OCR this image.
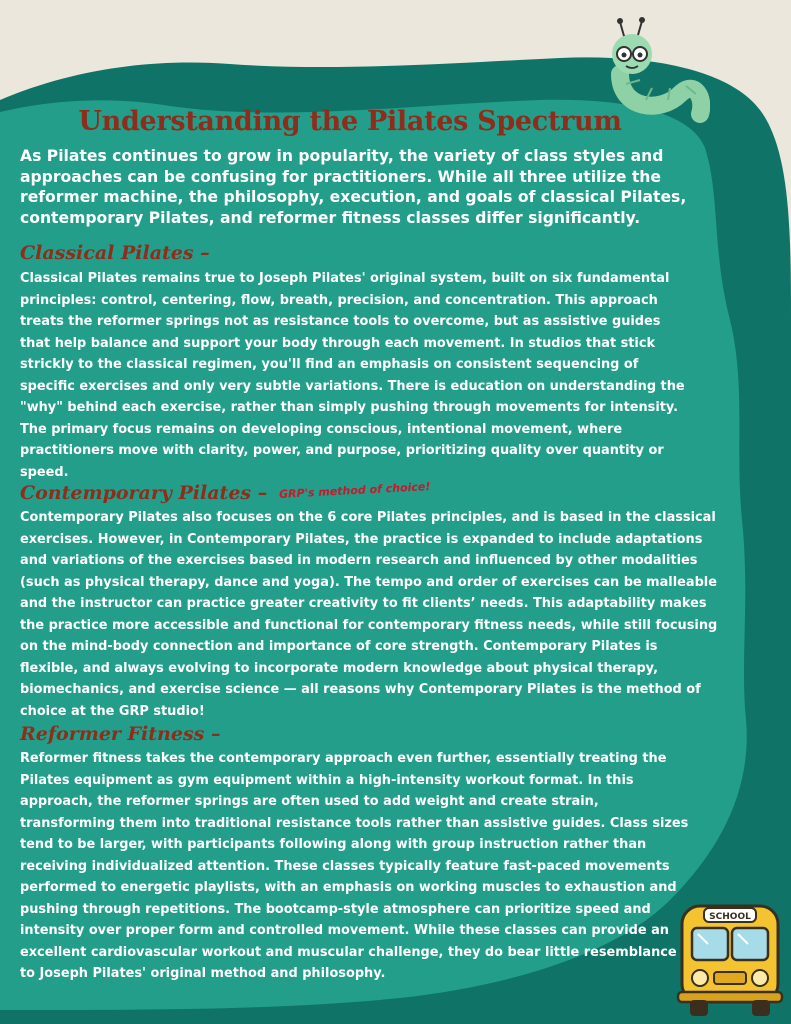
Understanding the Pilates Spectrum

As Pilates continues to grow in popularity, the variety of class styles and approaches can be confusing for practitioners. While all three utilize the reformer machine, the philosophy, execution, and goals of classical Pilates, contemporary Pilates, and reformer fitness classes differ significantly.

Classical Pilates –

Classical Pilates remains true to Joseph Pilates' original system, built on six fundamental principles: control, centering, flow, breath, precision, and concentration. This approach treats the reformer springs not as resistance tools to overcome, but as assistive guides that help balance and support your body through each movement. In studios that stick strickly to the classical regimen, you'll find an emphasis on consistent sequencing of specific exercises and only very subtle variations. There is education on understanding the "why" behind each exercise, rather than simply pushing through movements for intensity. The primary focus remains on developing conscious, intentional movement, where practitioners move with clarity, power, and purpose, prioritizing quality over quantity or speed.

Contemporary Pilates – GRP's method of choice!

Contemporary Pilates also focuses on the 6 core Pilates principles, and is based in the classical exercises. However, in Contemporary Pilates, the practice is expanded to include adaptations and variations of the exercises based in modern research and influenced by other modalities (such as physical therapy, dance and yoga). The tempo and order of exercises can be malleable and the instructor can practice greater creativity to fit clients’ needs. This adaptability makes the practice more accessible and functional for contemporary fitness needs, while still focusing on the mind-body connection and importance of core strength. Contemporary Pilates is flexible, and always evolving to incorporate modern knowledge about physical therapy, biomechanics, and exercise science — all reasons why Contemporary Pilates is the method of choice at the GRP studio!

Reformer Fitness –

Reformer fitness takes the contemporary approach even further, essentially treating the Pilates equipment as gym equipment within a high-intensity workout format. In this approach, the reformer springs are often used to add weight and create strain, transforming them into traditional resistance tools rather than assistive guides. Class sizes tend to be larger, with participants following along with group instruction rather than receiving individualized attention. These classes typically feature fast-paced movements performed to energetic playlists, with an emphasis on working muscles to exhaustion and pushing through repetitions. The bootcamp-style atmosphere can prioritize speed and intensity over proper form and controlled movement. While these classes can provide an excellent cardiovascular workout and muscular challenge, they do bear little resemblance to Joseph Pilates' original method and philosophy.

SCHOOL
